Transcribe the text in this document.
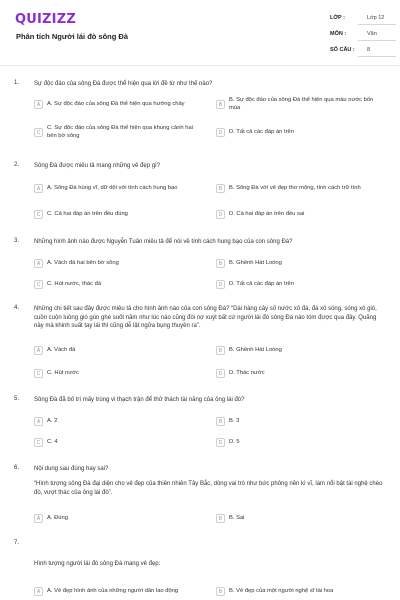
QUIZIZZ
Phân tích Người lái đò sông Đà
LỚP :	Lớp 12
MÔN :	Văn
SỐ CÂU : 8
1. Sự độc đáo của sông Đà được thể hiện qua lời đề từ như thế nào?
A	A. Sự độc đáo của sông Đà thể hiện qua hướng chảy	B
B. Sự độc đáo của sông Đà thể hiện qua màu nước bốn mùa
C
C. Sự độc đáo của sông Đà thể hiện qua khung cảnh hai bên bờ sông	D	D. Tất cả các đáp án trên
2. Sông Đà được miêu tả mang những vẻ đẹp gì?
A	A. Sông Đà hùng vĩ, dữ dội với tính cách hung bạo	B	B. Sông Đà với vẻ đẹp thơ mộng, tính cách trữ tình
C	C. Cả hai đáp án trên đều đúng	D	D. Cả hai đáp án trên đều sai
3. Những hình ảnh nào được Nguyễn Tuân miêu tả để nói về tính cách hung bạo của con sông Đà?
A	A. Vách đá hai bên bờ sông	B	B. Ghềnh Hát Loóng
C	C. Hút nước, thác đá	D	D. Tất cả các đáp án trên
4. Những chi tiết sau đây được miêu tả cho hình ảnh nào của con sông Đà? “Dài hàng cây số nước xô đá, đá xô sóng, sóng xô gió, cuồn cuộn luồng gió gùn ghè suốt năm như lúc nào cũng đòi nợ xuýt bất cứ người lái đò sông Đà nào tóm được qua đây. Quãng này mà khinh suất tay lái thì cũng dễ lật ngửa bụng thuyền ra”.
A	A. Vách đá	B	B. Ghềnh Hát Loóng
C	C. Hút nước	D	D. Thác nước
5. Sông Đà đã bố trí mấy trùng vi thạch trận để thử thách tài năng của ông lái đò?
A	A. 2	B	B. 3
C	C. 4	D	D. 5
6. Nội dung sau đúng hay sai?
“Hình tượng sông Đà đại diện cho vẻ đẹp của thiên nhiên Tây Bắc, dòng vai trò như bức phông nền kì vĩ, làm nổi bật tài nghệ chèo đò, vượt thác của ông lái đò”.
A	A. Đúng	B	B. Sai
7.
Hình tượng người lái đò sông Đà mang vẻ đẹp:
A	A. Vẻ đẹp hình ảnh của những người dân lao động	B	B. Vẻ đẹp của một người nghệ sĩ tài hoa
